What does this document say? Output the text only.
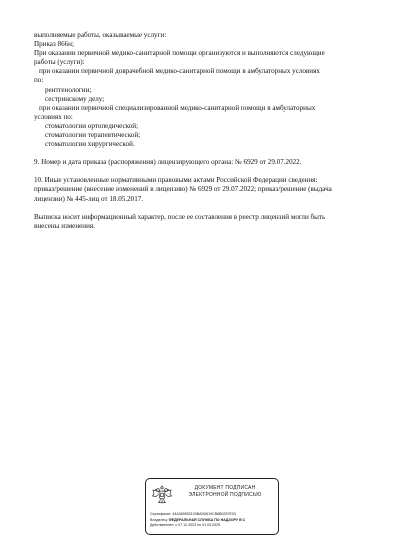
выполняемые работы, оказываемые услуги:

Приказ 866н;

При оказании первичной медико-санитарной помощи организуются и выполняются следующие

работы (услуги):

при оказании первичной доврачебной медико-санитарной помощи в амбулаторных условиях

по:

рентгенологии;

сестринскому делу;

при оказании первичной специализированной медико-санитарной помощи в амбулаторных

условиях по:

стоматологии ортопедической;

стоматологии терапевтической;

стоматологии хирургической.

9. Номер и дата приказа (распоряжения) лицензирующего органа: № 6929 от 29.07.2022.

10. Иные установленные нормативными правовыми актами Российской Федерации сведения:

приказ/решение (внесение изменений в лицензию) № 6929 от 29.07.2022; приказ/решение (выдача

лицензии) № 445-лиц от 18.05.2017.

Выписка носит информационный характер, после ее составления в реестр лицензий могли быть

внесены изменения.

ДОКУМЕНТ ПОДПИСАН
ЭЛЕКТРОННОЙ ПОДПИСЬЮ
Сертификат: 44A369552103BAD0619CB8B0257E03
Владелец: ФЕДЕРАЛЬНАЯ СЛУЖБА ПО НАДЗОРУ В С
Действителен: с 07.12.2023 по 01.03.2025
